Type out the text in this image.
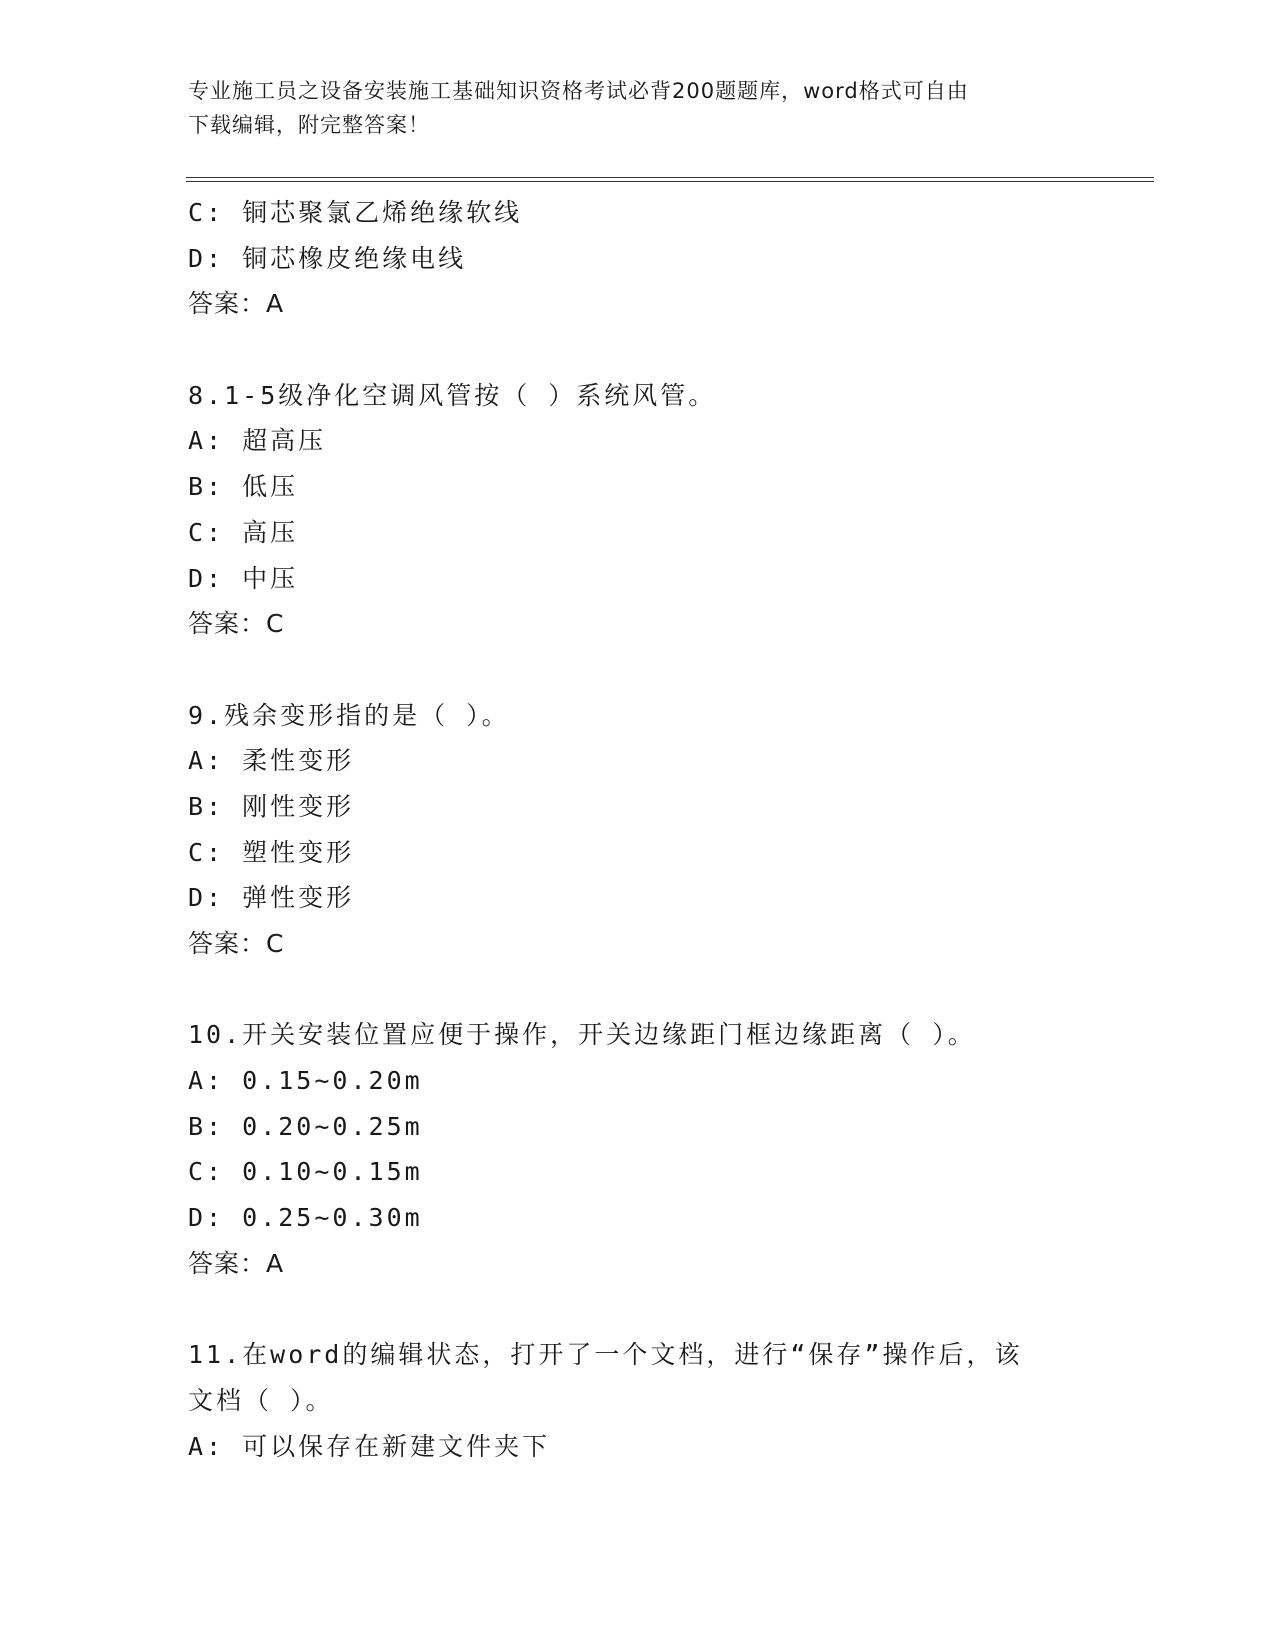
专业施工员之设备安装施工基础知识资格考试必背200题题库，word格式可自由
下载编辑，附完整答案！
C: 铜芯聚氯乙烯绝缘软线
D: 铜芯橡皮绝缘电线
答案：A
8.1-5级净化空调风管按（ ）系统风管。
A: 超高压
B: 低压
C: 高压
D: 中压
答案：C
9.残余变形指的是（ ）。
A: 柔性变形
B: 刚性变形
C: 塑性变形
D: 弹性变形
答案：C
10.开关安装位置应便于操作，开关边缘距门框边缘距离（ ）。
A: 0.15~0.20m
B: 0.20~0.25m
C: 0.10~0.15m
D: 0.25~0.30m
答案：A
11.在word的编辑状态，打开了一个文档，进行“保存”操作后，该
文档（ ）。
A: 可以保存在新建文件夹下
